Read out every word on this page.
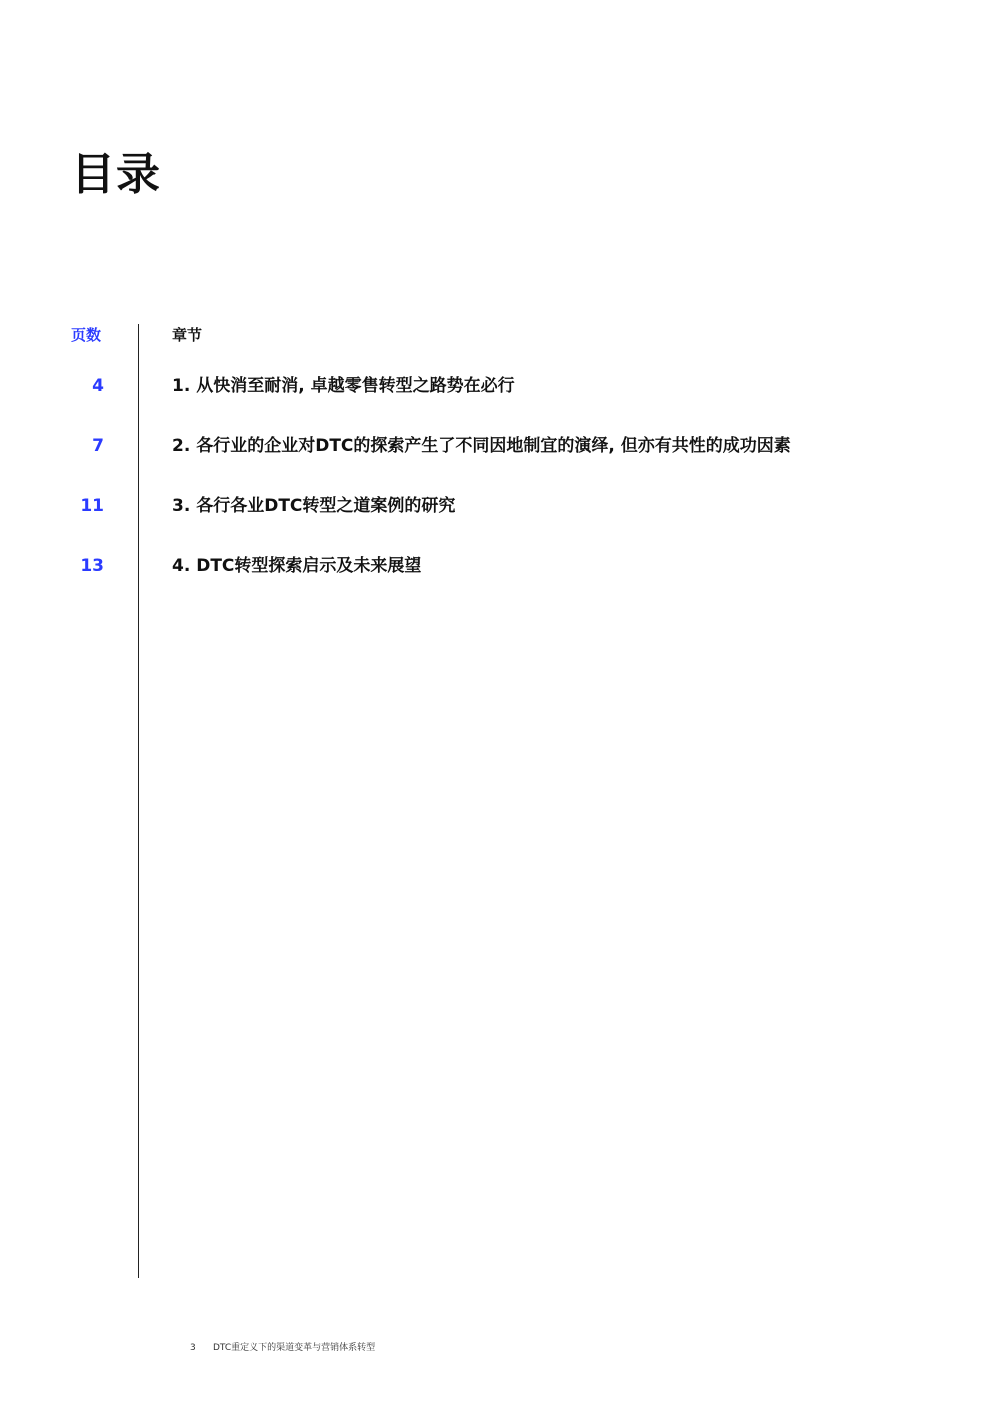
目录
页数	章节
4	1. 从快消至耐消, 卓越零售转型之路势在必行
7	2. 各行业的企业对DTC的探索产生了不同因地制宜的演绎, 但亦有共性的成功因素
11	3. 各行各业DTC转型之道案例的研究
13	4. DTC转型探索启示及未来展望
3 DTC重定义下的渠道变革与营销体系转型
